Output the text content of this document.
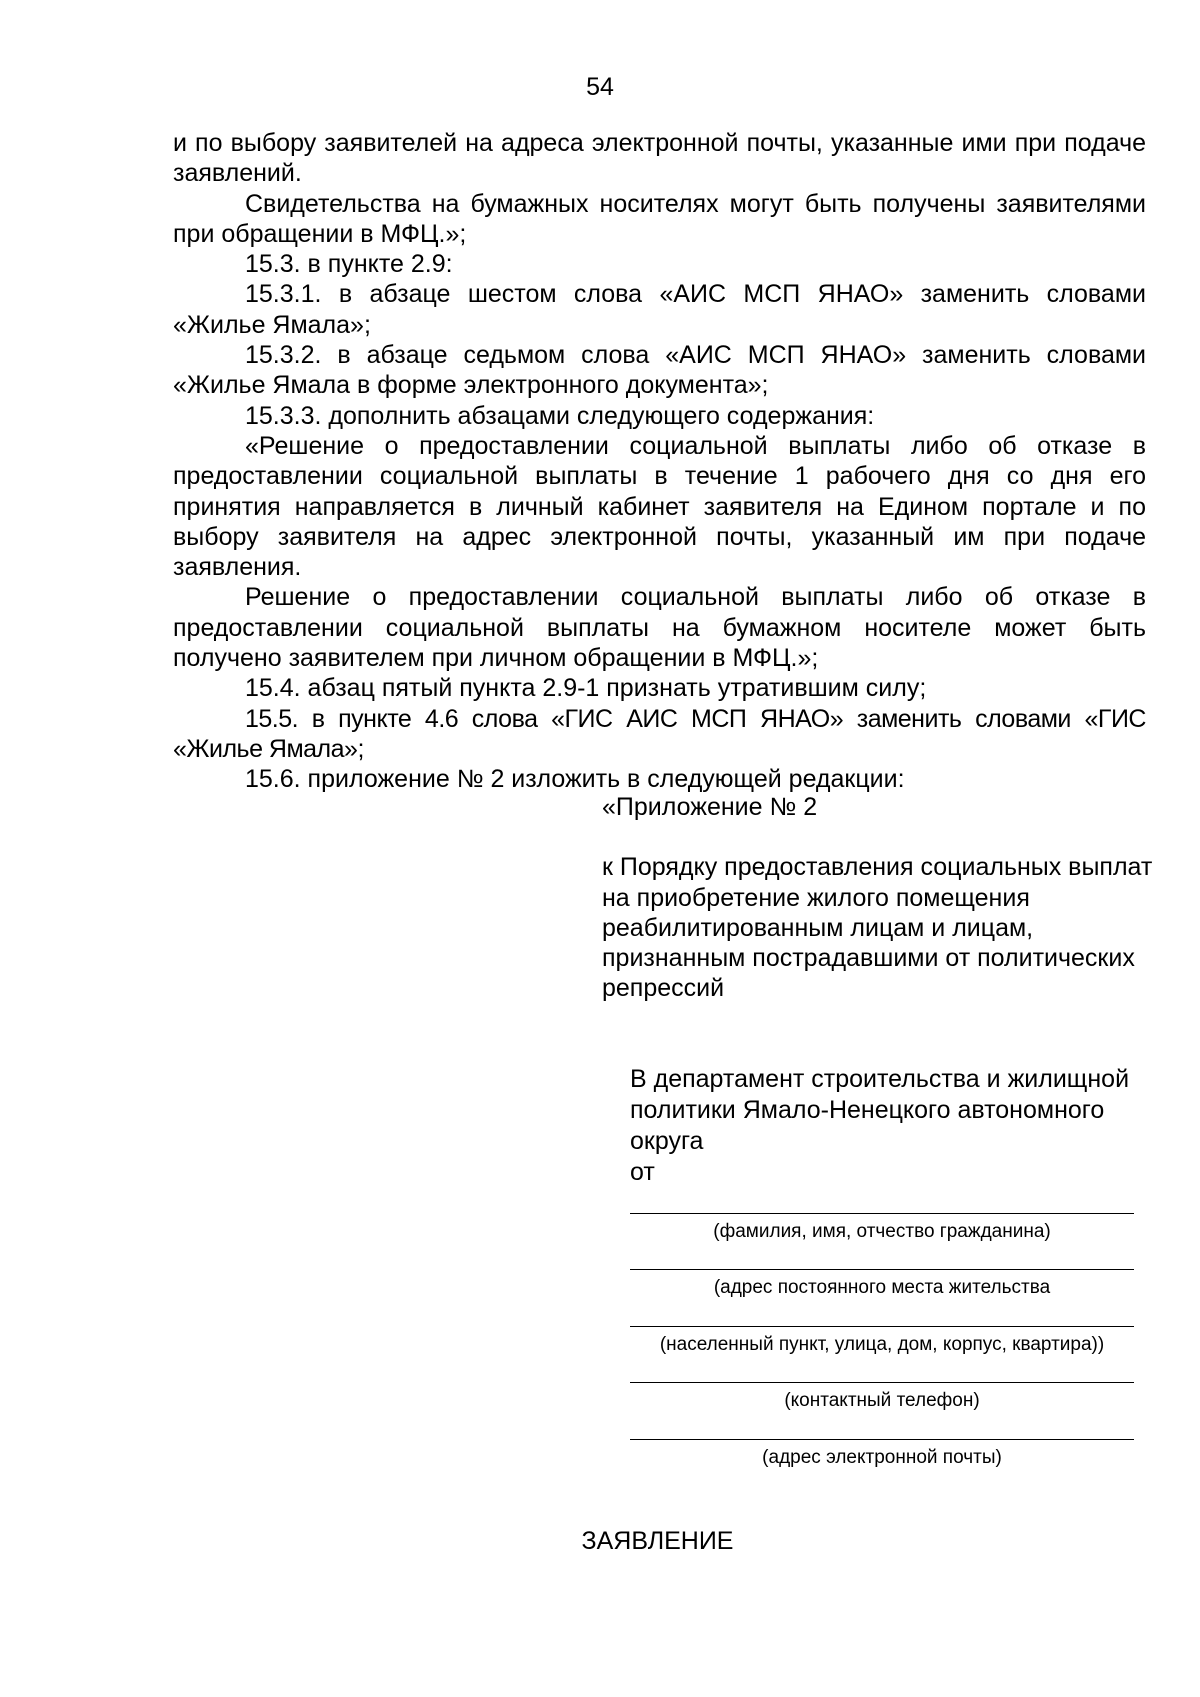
54

и по выбору заявителей на адреса электронной почты, указанные ими при подаче заявлений.

Свидетельства на бумажных носителях могут быть получены заявителями при обращении в МФЦ.»;

15.3. в пункте 2.9:

15.3.1. в абзаце шестом слова «АИС МСП ЯНАО» заменить словами «Жилье Ямала»;

15.3.2. в абзаце седьмом слова «АИС МСП ЯНАО» заменить словами «Жилье Ямала в форме электронного документа»;

15.3.3. дополнить абзацами следующего содержания:

«Решение о предоставлении социальной выплаты либо об отказе в предоставлении социальной выплаты в течение 1 рабочего дня со дня его принятия направляется в личный кабинет заявителя на Едином портале и по выбору заявителя на адрес электронной почты, указанный им при подаче заявления.

Решение о предоставлении социальной выплаты либо об отказе в предоставлении социальной выплаты на бумажном носителе может быть получено заявителем при личном обращении в МФЦ.»;

15.4. абзац пятый пункта 2.9-1 признать утратившим силу;

15.5. в пункте 4.6 слова «ГИС АИС МСП ЯНАО» заменить словами «ГИС «Жилье Ямала»;

15.6. приложение № 2 изложить в следующей редакции:

«Приложение № 2
к Порядку предоставления социальных выплат на приобретение жилого помещения реабилитированным лицам и лицам, признанным пострадавшими от политических репрессий
В департамент строительства и жилищной политики Ямало-Ненецкого автономного округа
от
(фамилия, имя, отчество гражданина)
(адрес постоянного места жительства
(населенный пункт, улица, дом, корпус, квартира))
(контактный телефон)
(адрес электронной почты)
ЗАЯВЛЕНИЕ
